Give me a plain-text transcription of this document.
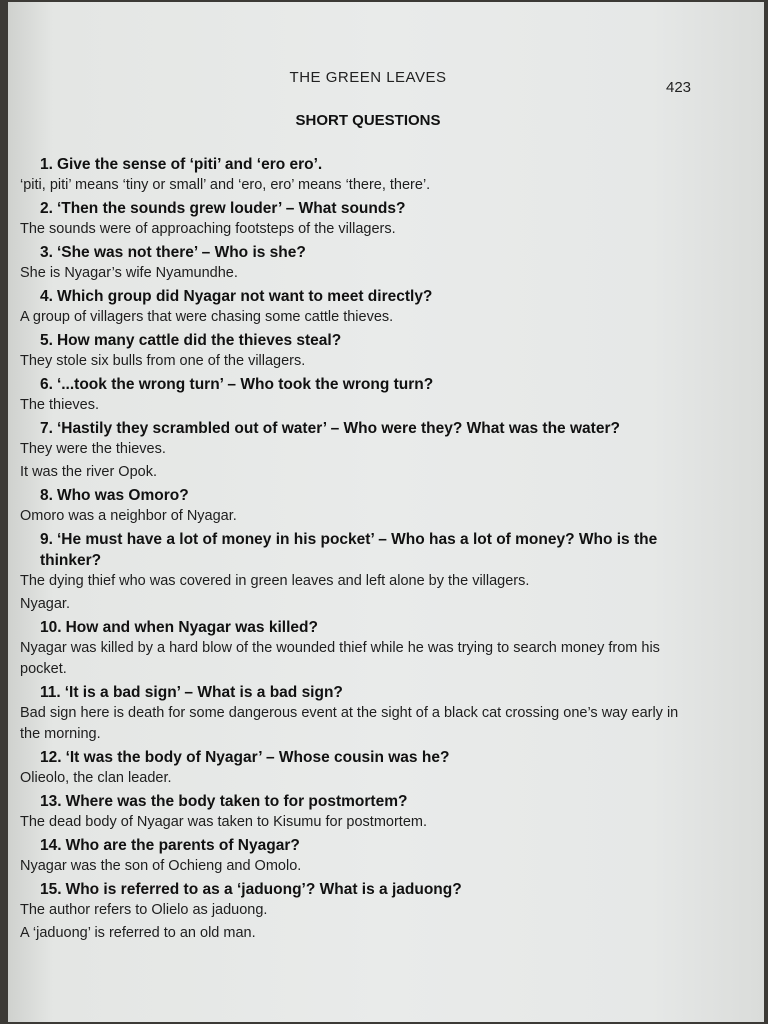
THE GREEN LEAVES
423
SHORT QUESTIONS

1. Give the sense of ‘piti’ and ‘ero ero’.

‘piti, piti’ means ‘tiny or small’ and ‘ero, ero’ means ‘there, there’.

2. ‘Then the sounds grew louder’ – What sounds?

The sounds were of approaching footsteps of the villagers.

3. ‘She was not there’ – Who is she?

She is Nyagar’s wife Nyamundhe.

4. Which group did Nyagar not want to meet directly?

A group of villagers that were chasing some cattle thieves.

5. How many cattle did the thieves steal?

They stole six bulls from one of the villagers.

6. ‘...took the wrong turn’ – Who took the wrong turn?

The thieves.

7. ‘Hastily they scrambled out of water’ – Who were they? What was the water?

They were the thieves.

It was the river Opok.

8. Who was Omoro?

Omoro was a neighbor of Nyagar.

9. ‘He must have a lot of money in his pocket’ – Who has a lot of money? Who is the thinker?

The dying thief who was covered in green leaves and left alone by the villagers.

Nyagar.

10. How and when Nyagar was killed?

Nyagar was killed by a hard blow of the wounded thief while he was trying to search money from his pocket.

11. ‘It is a bad sign’ – What is a bad sign?

Bad sign here is death for some dangerous event at the sight of a black cat crossing one’s way early in the morning.

12. ‘It was the body of Nyagar’ – Whose cousin was he?

Olieolo, the clan leader.

13. Where was the body taken to for postmortem?

The dead body of Nyagar was taken to Kisumu for postmortem.

14. Who are the parents of Nyagar?

Nyagar was the son of Ochieng and Omolo.

15. Who is referred to as a ‘jaduong’? What is a jaduong?

The author refers to Olielo as jaduong.

A ‘jaduong’ is referred to an old man.
